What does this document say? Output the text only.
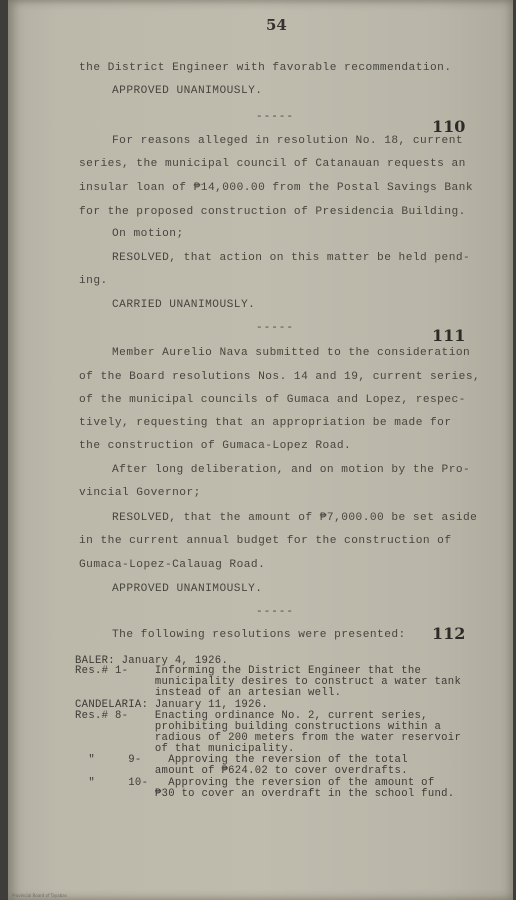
54
the District Engineer with favorable recommendation.
APPROVED UNANIMOUSLY.
-----	110
For reasons alleged in resolution No. 18, current
series, the municipal council of Catanauan requests an
insular loan of ₱14,000.00 from the Postal Savings Bank
for the proposed construction of Presidencia Building.
On motion;
RESOLVED, that action on this matter be held pend-
ing.
CARRIED UNANIMOUSLY.
-----	111
Member Aurelio Nava submitted to the consideration
of the Board resolutions Nos. 14 and 19, current series,
of the municipal councils of Gumaca and Lopez, respec-
tively, requesting that an appropriation be made for
the construction of Gumaca-Lopez Road.
After long deliberation, and on motion by the Pro-
vincial Governor;
RESOLVED, that the amount of ₱7,000.00 be set aside
in the current annual budget for the construction of
Gumaca-Lopez-Calauag Road.
APPROVED UNANIMOUSLY.
-----
The following resolutions were presented: 112
BALER: January 4, 1926.
Res.# 1-    Informing the District Engineer that the
municipality desires to construct a water tank
instead of an artesian well.
CANDELARIA: January 11, 1926.
Res.# 8-    Enacting ordinance No. 2, current series,
prohibiting building constructions within a
radious of 200 meters from the water reservoir
of that municipality.
"     9-    Approving the reversion of the total
amount of ₱624.02 to cover overdrafts.
"     10-   Approving the reversion of the amount of
₱30 to cover an overdraft in the school fund.
Provincial Board of Tayabas
